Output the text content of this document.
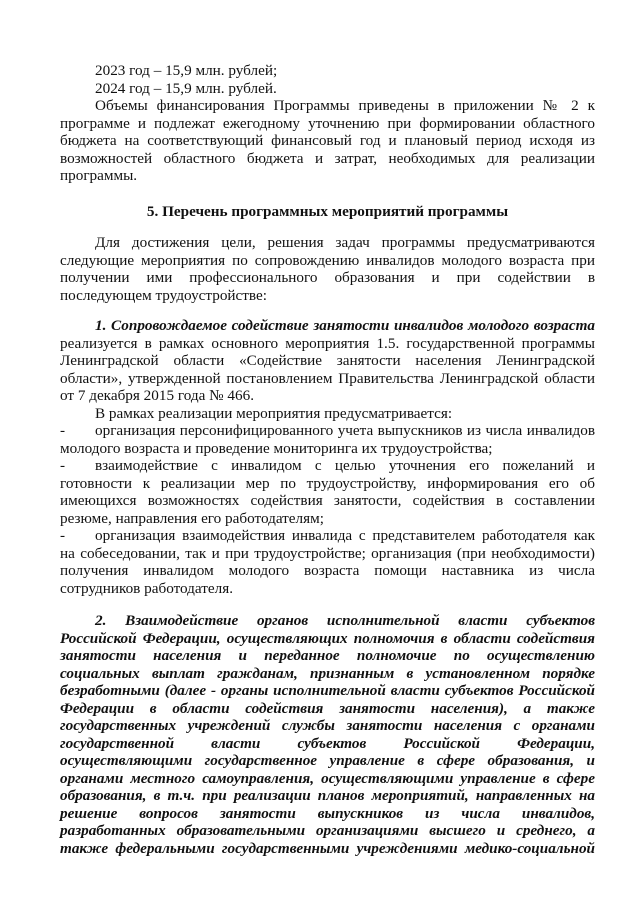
2023 год – 15,9 млн. рублей;

2024 год – 15,9 млн. рублей.

Объемы финансирования Программы приведены в приложении № 2 к программе и подлежат ежегодному уточнению при формировании областного бюджета на соответствующий финансовый год и плановый период исходя из возможностей областного бюджета и затрат, необходимых для реализации программы.

5. Перечень программных мероприятий программы

Для достижения цели, решения задач программы предусматриваются следующие мероприятия по сопровождению инвалидов молодого возраста при получении ими профессионального образования и при содействии в последующем трудоустройстве:

1. Сопровождаемое содействие занятости инвалидов молодого возраста реализуется в рамках основного мероприятия 1.5. государственной программы Ленинградской области «Содействие занятости населения Ленинградской области», утвержденной постановлением Правительства Ленинградской области от 7 декабря 2015 года № 466.

В рамках реализации мероприятия предусматривается:

- организация персонифицированного учета выпускников из числа инвалидов молодого возраста и проведение мониторинга их трудоустройства;
- взаимодействие с инвалидом с целью уточнения его пожеланий и готовности к реализации мер по трудоустройству, информирования его об имеющихся возможностях содействия занятости, содействия в составлении резюме, направления его работодателям;
- организация взаимодействия инвалида с представителем работодателя как на собеседовании, так и при трудоустройстве; организация (при необходимости) получения инвалидом молодого возраста помощи наставника из числа сотрудников работодателя.

2. Взаимодействие органов исполнительной власти субъектов Российской Федерации, осуществляющих полномочия в области содействия занятости населения и переданное полномочие по осуществлению социальных выплат гражданам, признанным в установленном порядке безработными (далее - органы исполнительной власти субъектов Российской Федерации в области содействия занятости населения), а также государственных учреждений службы занятости населения с органами государственной власти субъектов Российской Федерации, осуществляющими государственное управление в сфере образования, и органами местного самоуправления, осуществляющими управление в сфере образования, в т.ч. при реализации планов мероприятий, направленных на решение вопросов занятости выпускников из числа инвалидов, разработанных образовательными организациями высшего и среднего, а также федеральными государственными учреждениями медико-социальной
